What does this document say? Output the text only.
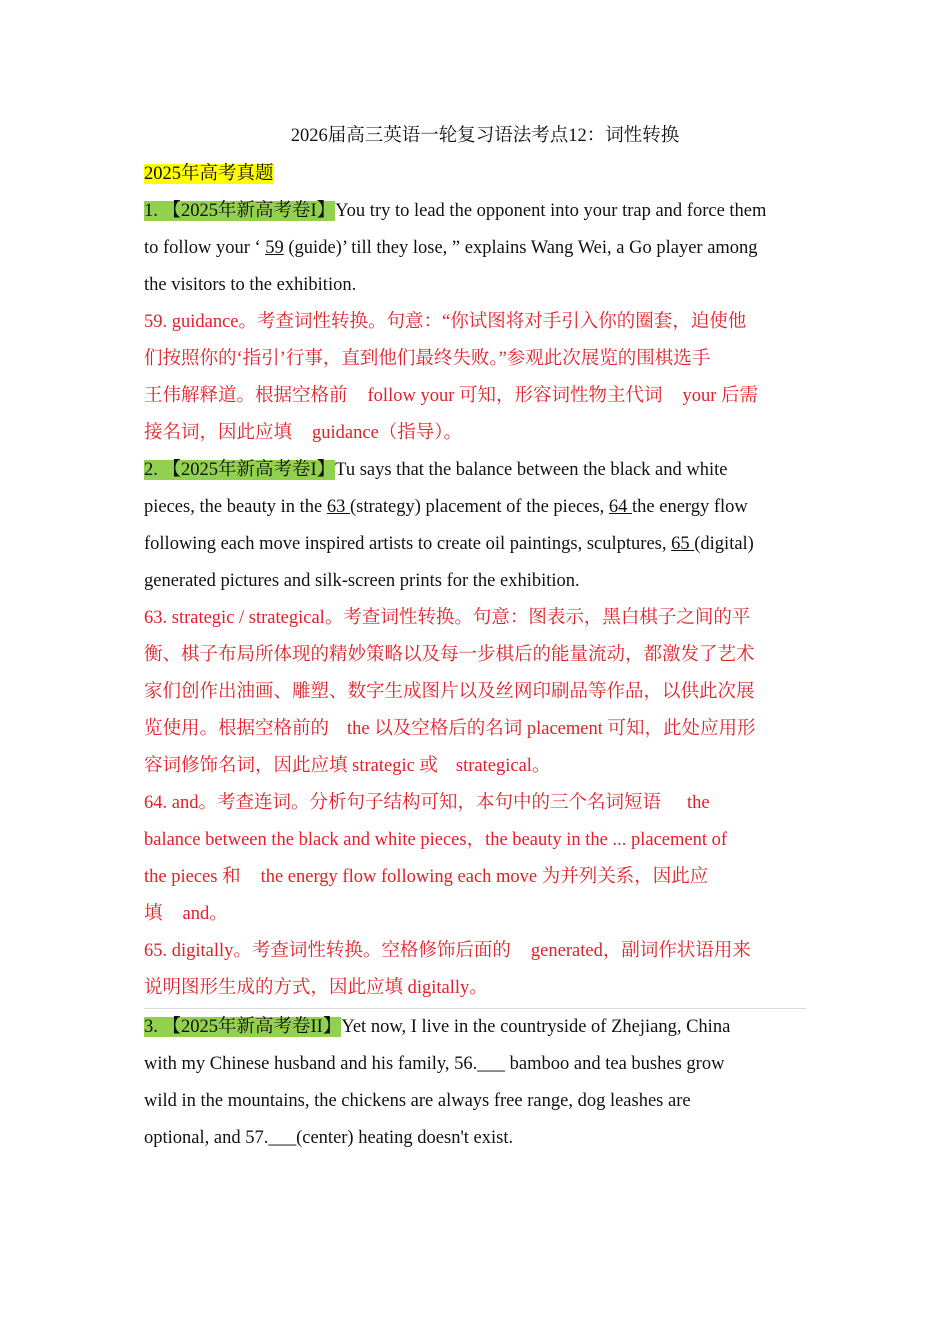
2026届高三英语一轮复习语法考点12：词性转换
2025年高考真题
1. 【2025年新高考卷I】You try to lead the opponent into your trap and force them
to follow your ‘ 59 (guide)’ till they lose, ” explains Wang Wei, a Go player among
the visitors to the exhibition.
59. guidance。考查词性转换。句意：“你试图将对手引入你的圈套，迫使他
们按照你的‘指引’行事，直到他们最终失败。”参观此次展览的围棋选手
王伟解释道。根据空格前 follow your 可知，形容词性物主代词 your 后需
接名词，因此应填 guidance（指导）。
2. 【2025年新高考卷I】Tu says that the balance between the black and white
pieces, the beauty in the 63 (strategy) placement of the pieces, 64 the energy flow
following each move inspired artists to create oil paintings, sculptures, 65 (digital)
generated pictures and silk-screen prints for the exhibition.
63. strategic / strategical。考查词性转换。句意：图表示，黑白棋子之间的平
衡、棋子布局所体现的精妙策略以及每一步棋后的能量流动，都激发了艺术
家们创作出油画、雕塑、数字生成图片以及丝网印刷品等作品，以供此次展
览使用。根据空格前的 the 以及空格后的名词 placement 可知，此处应用形
容词修饰名词，因此应填 strategic 或 strategical。
64. and。考查连词。分析句子结构可知，本句中的三个名词短语 the
balance between the black and white pieces，the beauty in the ... placement of
the pieces 和 the energy flow following each move 为并列关系，因此应
填 and。
65. digitally。考查词性转换。空格修饰后面的 generated，副词作状语用来
说明图形生成的方式，因此应填 digitally。
3. 【2025年新高考卷II】Yet now, I live in the countryside of Zhejiang, China
with my Chinese husband and his family, 56.___ bamboo and tea bushes grow
wild in the mountains, the chickens are always free range, dog leashes are
optional, and 57.___(center) heating doesn't exist.
